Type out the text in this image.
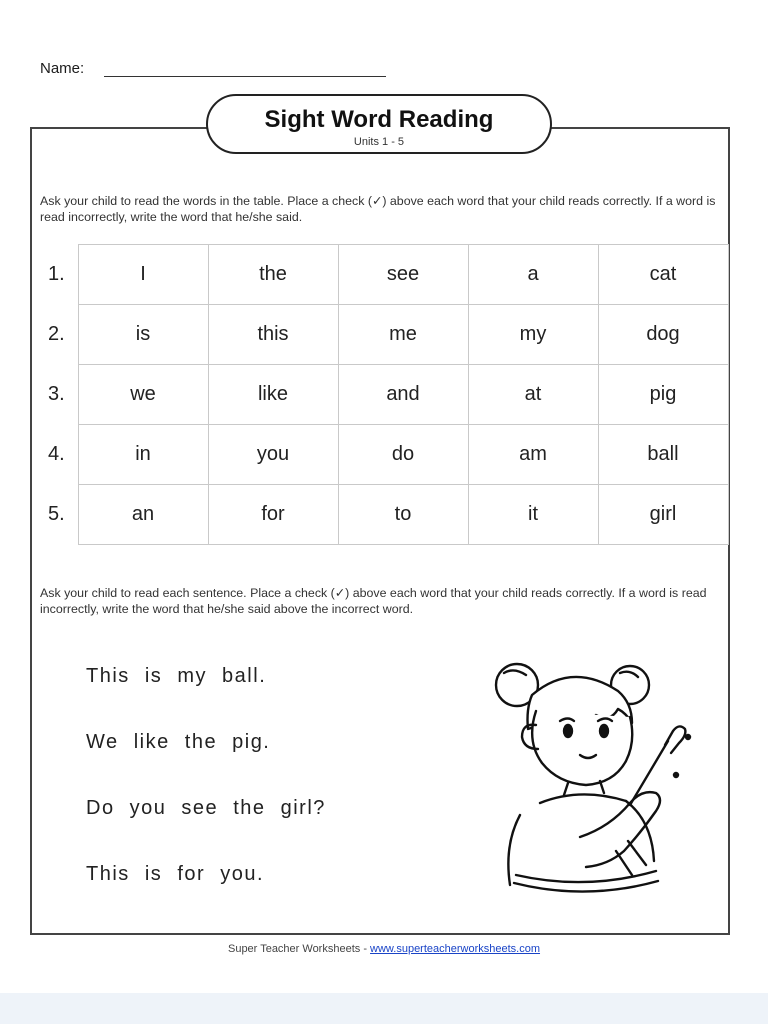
Name:
Sight Word Reading
Units 1 - 5

Ask your child to read the words in the table. Place a check (✓) above each word that your child reads correctly. If a word is read incorrectly, write the word that he/she said.

1.	I	the	see	a	cat
2.	is	this	me	my	dog
3.	we	like	and	at	pig
4.	in	you	do	am	ball
5.	an	for	to	it	girl

Ask your child to read each sentence. Place a check (✓) above each word that your child reads correctly. If a word is read incorrectly, write the word that he/she said above the incorrect word.

This is my ball.
We like the pig.
Do you see the girl?
This is for you.
Super Teacher Worksheets - www.superteacherworksheets.com
